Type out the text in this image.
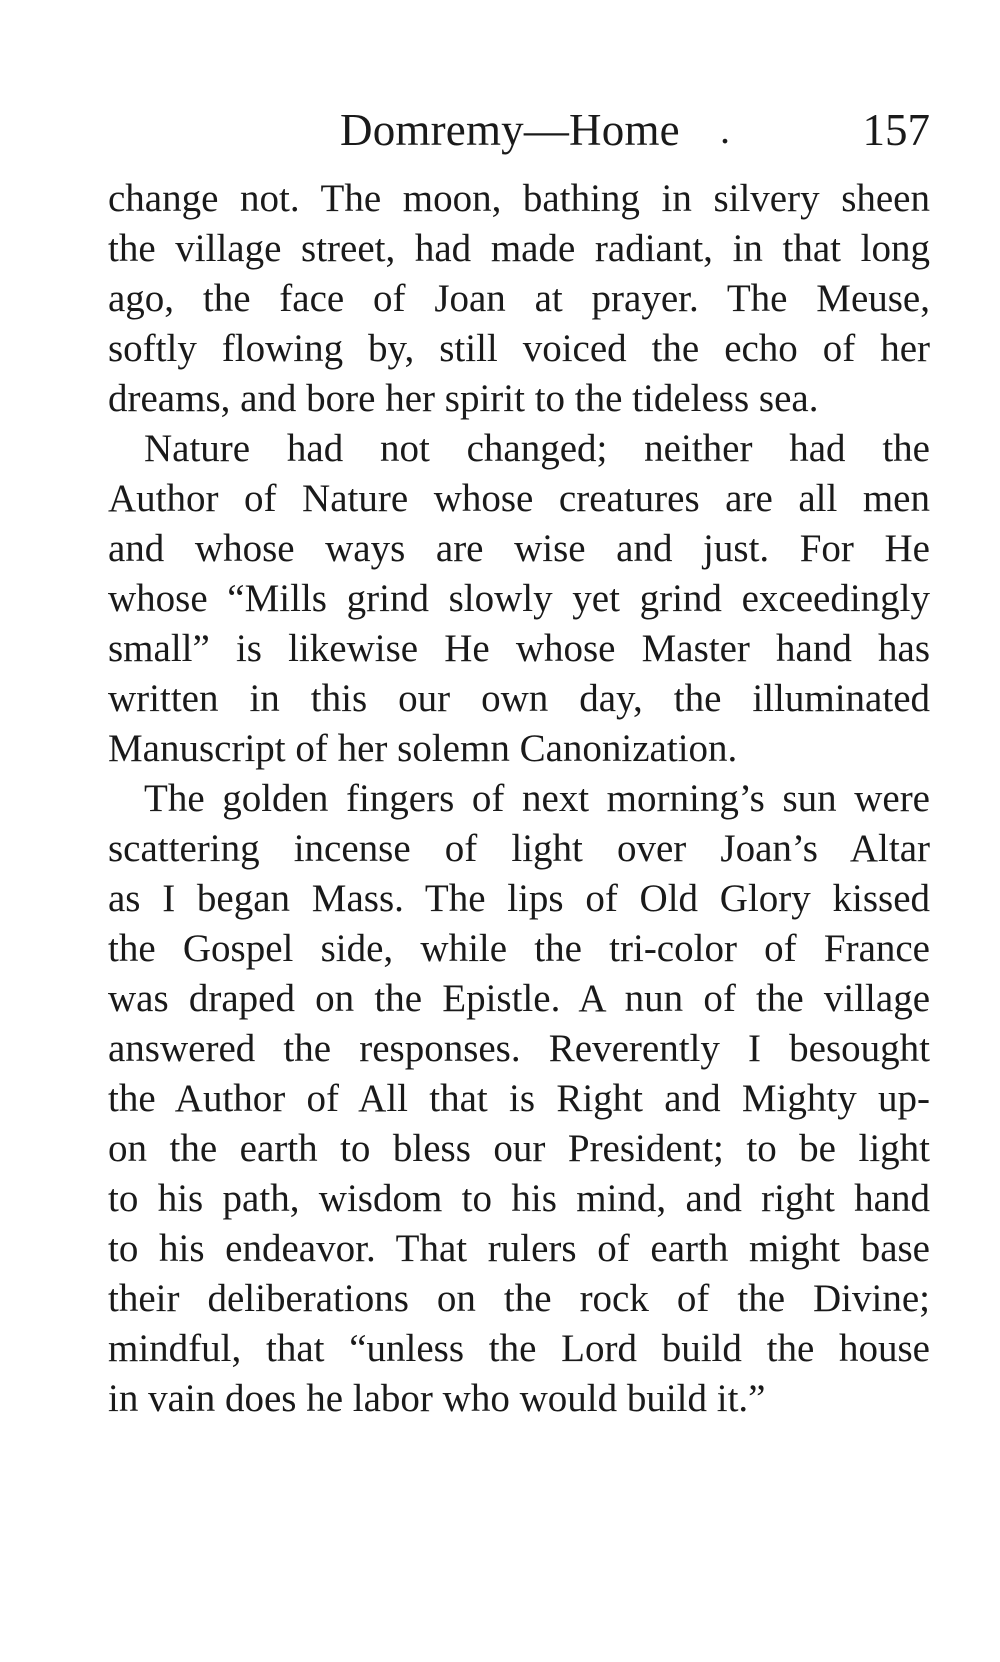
Domremy—Home .	157

change not. The moon, bathing in silvery sheen
the village street, had made radiant, in that long
ago, the face of Joan at prayer. The Meuse,
softly flowing by, still voiced the echo of her
dreams, and bore her spirit to the tideless sea.

Nature had not changed; neither had the
Author of Nature whose creatures are all men
and whose ways are wise and just. For He
whose “Mills grind slowly yet grind exceedingly
small” is likewise He whose Master hand has
written in this our own day, the illuminated
Manuscript of her solemn Canonization.

The golden fingers of next morning’s sun were
scattering incense of light over Joan’s Altar
as I began Mass. The lips of Old Glory kissed
the Gospel side, while the tri-color of France
was draped on the Epistle. A nun of the village
answered the responses. Reverently I besought
the Author of All that is Right and Mighty up-
on the earth to bless our President; to be light
to his path, wisdom to his mind, and right hand
to his endeavor. That rulers of earth might base
their deliberations on the rock of the Divine;
mindful, that “unless the Lord build the house
in vain does he labor who would build it.”
